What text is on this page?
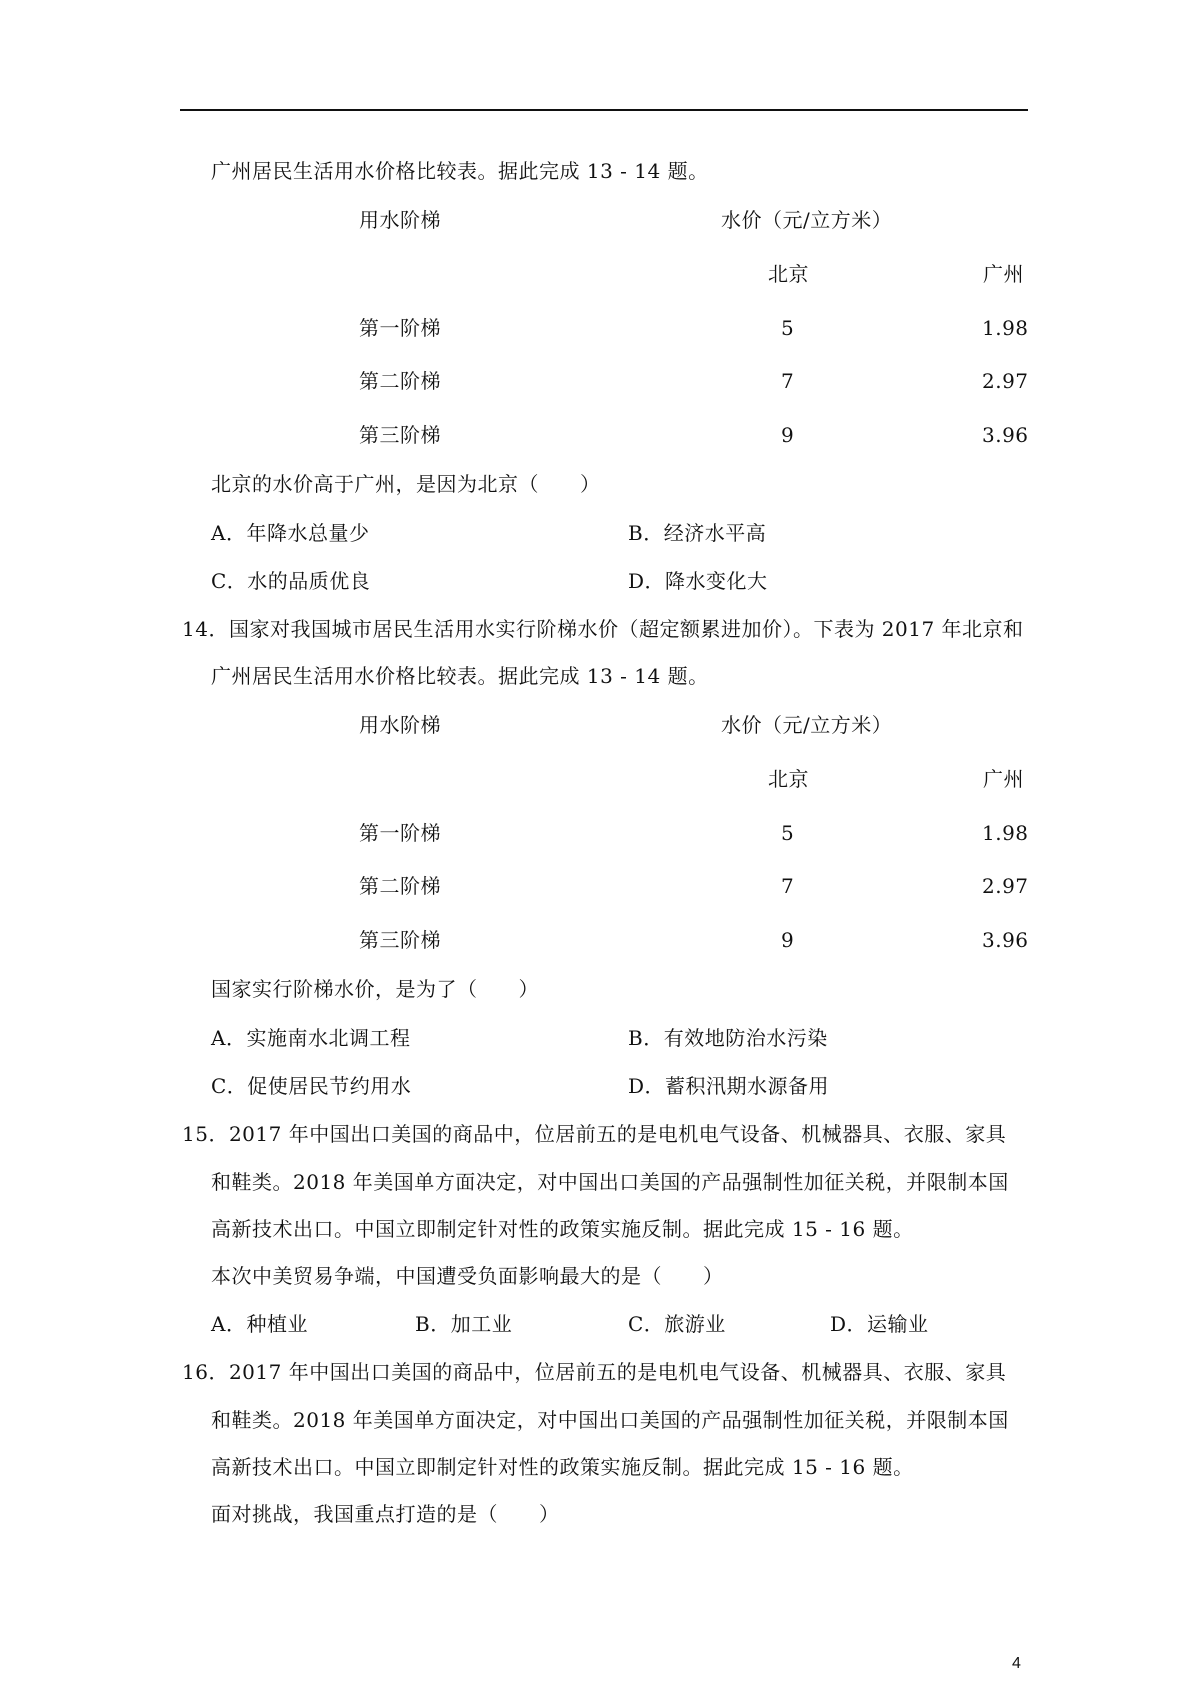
广州居民生活用水价格比较表。据此完成 13 - 14 题。
用水阶梯	水价（元/立方米）
北京	广州
第一阶梯	5	1.98
第二阶梯	7	2.97
第三阶梯	9	3.96
北京的水价高于广州，是因为北京（　　）
A．年降水总量少	B．经济水平高
C．水的品质优良	D．降水变化大
14．国家对我国城市居民生活用水实行阶梯水价（超定额累进加价）。下表为 2017 年北京和
广州居民生活用水价格比较表。据此完成 13 - 14 题。
用水阶梯	水价（元/立方米）
北京	广州
第一阶梯	5	1.98
第二阶梯	7	2.97
第三阶梯	9	3.96
国家实行阶梯水价，是为了（　　）
A．实施南水北调工程	B．有效地防治水污染
C．促使居民节约用水	D．蓄积汛期水源备用
15．2017 年中国出口美国的商品中，位居前五的是电机电气设备、机械器具、衣服、家具
和鞋类。2018 年美国单方面决定，对中国出口美国的产品强制性加征关税，并限制本国
高新技术出口。中国立即制定针对性的政策实施反制。据此完成 15 - 16 题。
本次中美贸易争端，中国遭受负面影响最大的是（　　）
A．种植业	B．加工业	C．旅游业	D．运输业
16．2017 年中国出口美国的商品中，位居前五的是电机电气设备、机械器具、衣服、家具
和鞋类。2018 年美国单方面决定，对中国出口美国的产品强制性加征关税，并限制本国
高新技术出口。中国立即制定针对性的政策实施反制。据此完成 15 - 16 题。
面对挑战，我国重点打造的是（　　）
4
